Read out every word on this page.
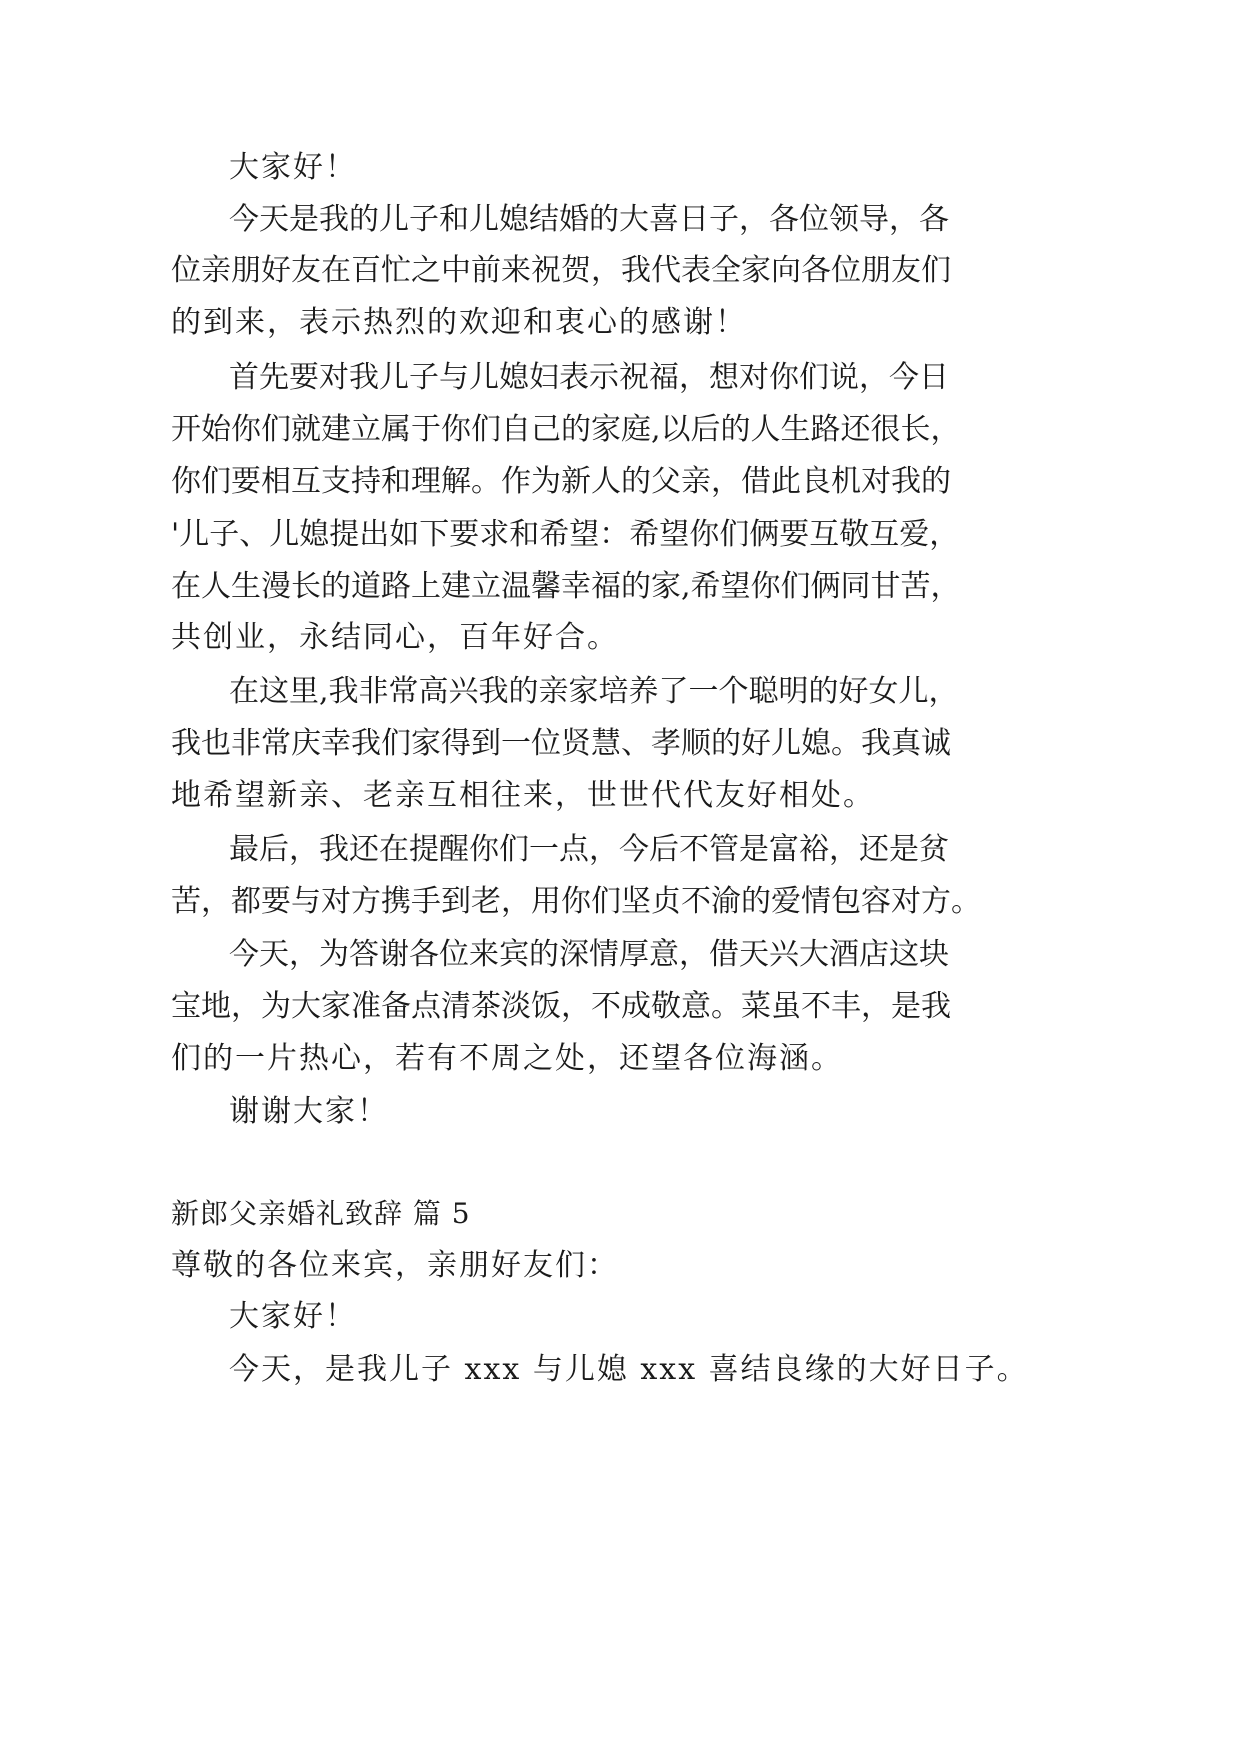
大家好！
今天是我的儿子和儿媳结婚的大喜日子，各位领导，各
位亲朋好友在百忙之中前来祝贺，我代表全家向各位朋友们
的到来，表示热烈的欢迎和衷心的感谢！
首先要对我儿子与儿媳妇表示祝福，想对你们说，今日
开始你们就建立属于你们自己的家庭,以后的人生路还很长，
你们要相互支持和理解。作为新人的父亲，借此良机对我的
'儿子、儿媳提出如下要求和希望：希望你们俩要互敬互爱，
在人生漫长的道路上建立温馨幸福的家,希望你们俩同甘苦，
共创业，永结同心，百年好合。
在这里,我非常高兴我的亲家培养了一个聪明的好女儿，
我也非常庆幸我们家得到一位贤慧、孝顺的好儿媳。我真诚
地希望新亲、老亲互相往来，世世代代友好相处。
最后，我还在提醒你们一点，今后不管是富裕，还是贫
苦，都要与对方携手到老，用你们坚贞不渝的爱情包容对方。
今天，为答谢各位来宾的深情厚意，借天兴大酒店这块
宝地，为大家准备点清茶淡饭，不成敬意。菜虽不丰，是我
们的一片热心，若有不周之处，还望各位海涵。
谢谢大家！
新郎父亲婚礼致辞 篇 5
尊敬的各位来宾，亲朋好友们：
大家好！
今天，是我儿子 xxx 与儿媳 xxx 喜结良缘的大好日子。
